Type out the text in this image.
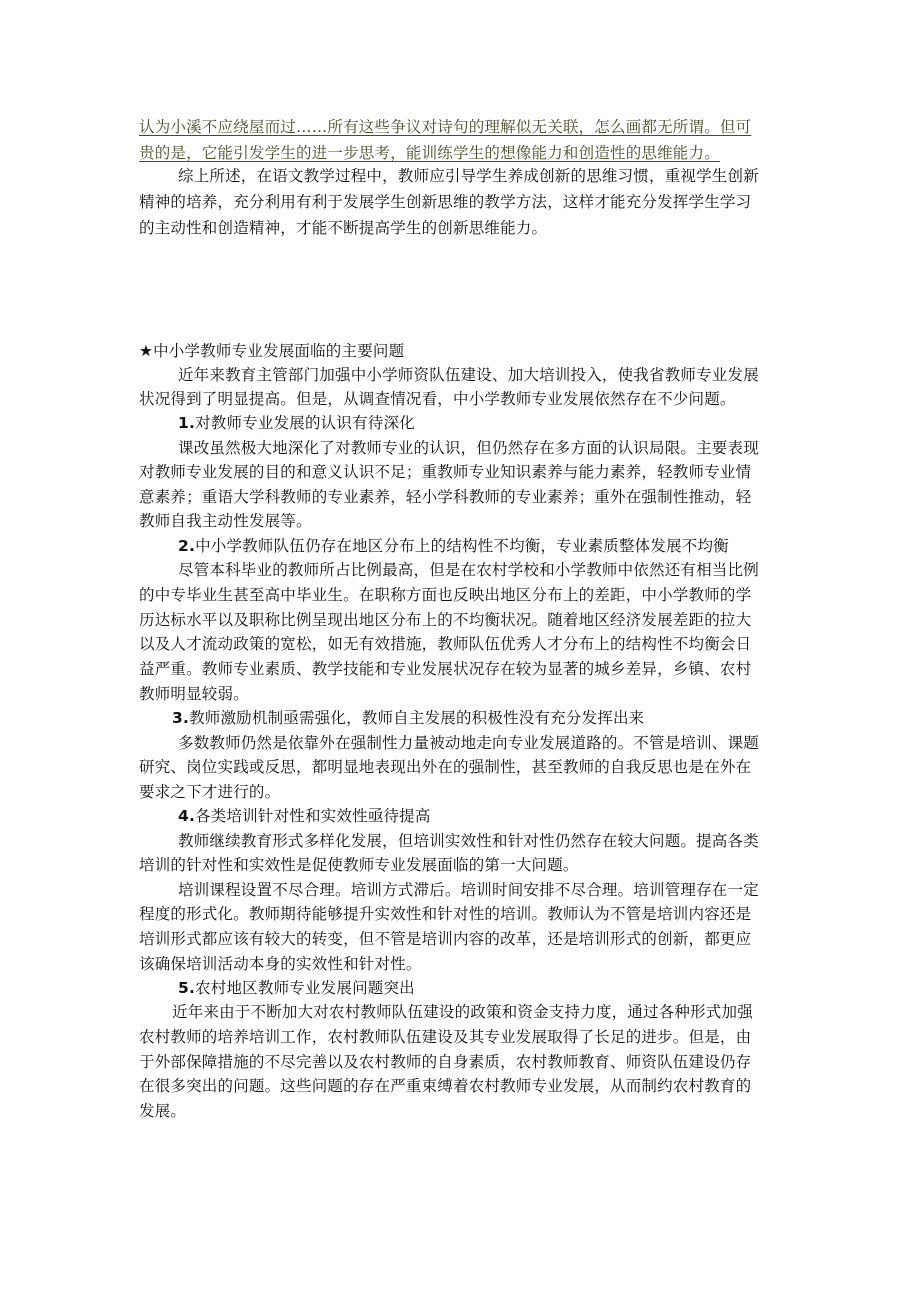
认为小溪不应绕屋而过……所有这些争议对诗句的理解似无关联，怎么画都无所谓。但可
贵的是，它能引发学生的进一步思考，能训练学生的想像能力和创造性的思维能力。
综上所述，在语文教学过程中，教师应引导学生养成创新的思维习惯，重视学生创新
精神的培养，充分利用有利于发展学生创新思维的教学方法，这样才能充分发挥学生学习
的主动性和创造精神，才能不断提高学生的创新思维能力。
★中小学教师专业发展面临的主要问题
近年来教育主管部门加强中小学师资队伍建设、加大培训投入，使我省教师专业发展
状况得到了明显提高。但是，从调查情况看，中小学教师专业发展依然存在不少问题。
1.对教师专业发展的认识有待深化
课改虽然极大地深化了对教师专业的认识，但仍然存在多方面的认识局限。主要表现
对教师专业发展的目的和意义认识不足；重教师专业知识素养与能力素养，轻教师专业情
意素养；重语大学科教师的专业素养，轻小学科教师的专业素养；重外在强制性推动，轻
教师自我主动性发展等。
2.中小学教师队伍仍存在地区分布上的结构性不均衡，专业素质整体发展不均衡
尽管本科毕业的教师所占比例最高，但是在农村学校和小学教师中依然还有相当比例
的中专毕业生甚至高中毕业生。在职称方面也反映出地区分布上的差距，中小学教师的学
历达标水平以及职称比例呈现出地区分布上的不均衡状况。随着地区经济发展差距的拉大
以及人才流动政策的宽松，如无有效措施，教师队伍优秀人才分布上的结构性不均衡会日
益严重。教师专业素质、教学技能和专业发展状况存在较为显著的城乡差异，乡镇、农村
教师明显较弱。
3.教师激励机制亟需强化，教师自主发展的积极性没有充分发挥出来
多数教师仍然是依靠外在强制性力量被动地走向专业发展道路的。不管是培训、课题
研究、岗位实践或反思，都明显地表现出外在的强制性，甚至教师的自我反思也是在外在
要求之下才进行的。
4.各类培训针对性和实效性亟待提高
教师继续教育形式多样化发展，但培训实效性和针对性仍然存在较大问题。提高各类
培训的针对性和实效性是促使教师专业发展面临的第一大问题。
培训课程设置不尽合理。培训方式滞后。培训时间安排不尽合理。培训管理存在一定
程度的形式化。教师期待能够提升实效性和针对性的培训。教师认为不管是培训内容还是
培训形式都应该有较大的转变，但不管是培训内容的改革，还是培训形式的创新，都更应
该确保培训活动本身的实效性和针对性。
5.农村地区教师专业发展问题突出
近年来由于不断加大对农村教师队伍建设的政策和资金支持力度，通过各种形式加强
农村教师的培养培训工作，农村教师队伍建设及其专业发展取得了长足的进步。但是，由
于外部保障措施的不尽完善以及农村教师的自身素质，农村教师教育、师资队伍建设仍存
在很多突出的问题。这些问题的存在严重束缚着农村教师专业发展，从而制约农村教育的
发展。
